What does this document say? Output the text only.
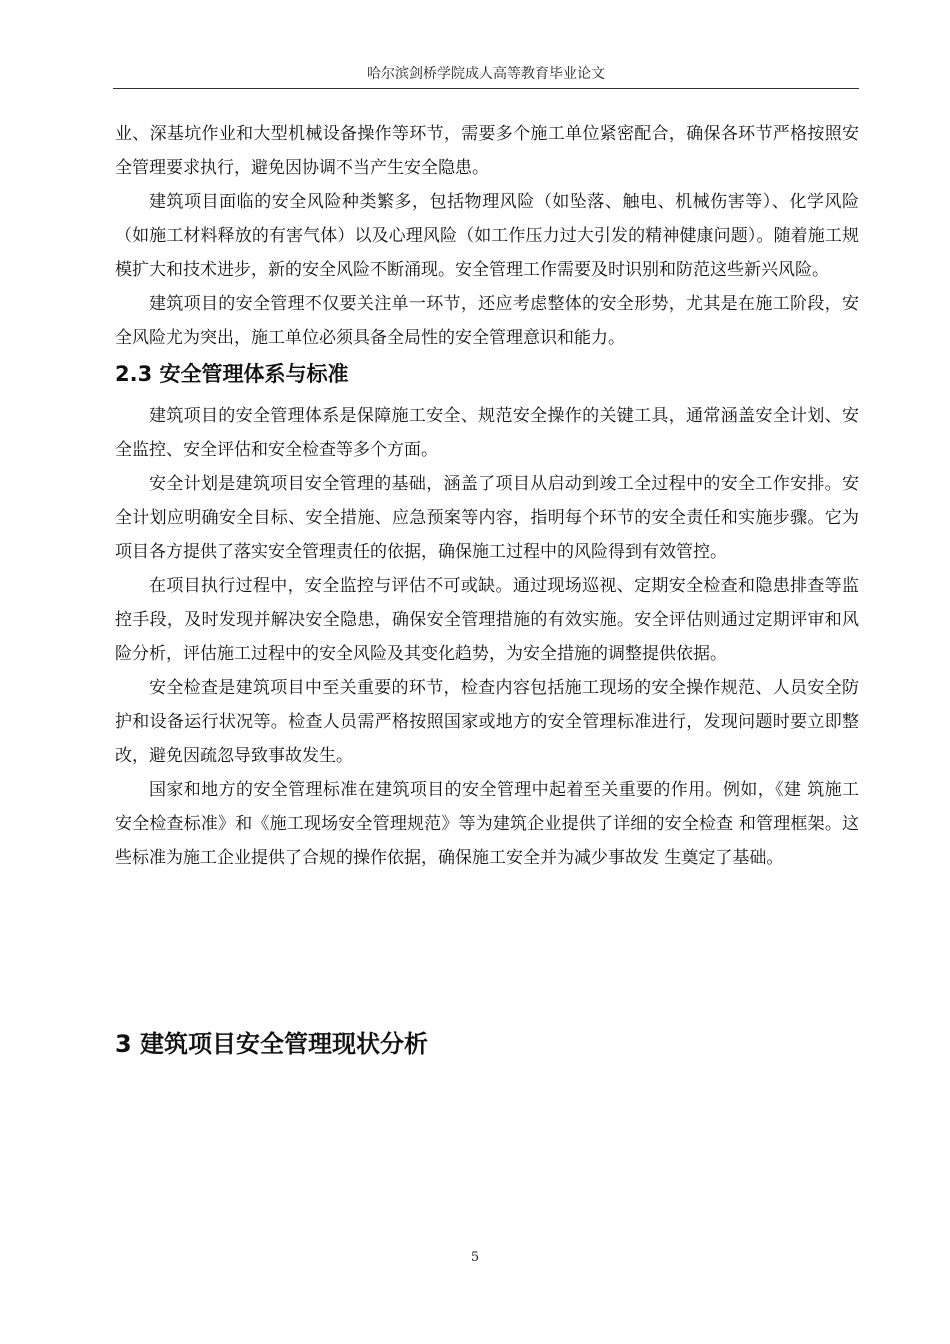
哈尔滨剑桥学院成人高等教育毕业论文

业、深基坑作业和大型机械设备操作等环节，需要多个施工单位紧密配合，确保各环节严格按照安全管理要求执行，避免因协调不当产生安全隐患。

建筑项目面临的安全风险种类繁多，包括物理风险（如坠落、触电、机械伤害等）、化学风险（如施工材料释放的有害气体）以及心理风险（如工作压力过大引发的精神健康问题）。随着施工规模扩大和技术进步，新的安全风险不断涌现。安全管理工作需要及时识别和防范这些新兴风险。

建筑项目的安全管理不仅要关注单一环节，还应考虑整体的安全形势，尤其是在施工阶段，安全风险尤为突出，施工单位必须具备全局性的安全管理意识和能力。

2.3 安全管理体系与标准

建筑项目的安全管理体系是保障施工安全、规范安全操作的关键工具，通常涵盖安全计划、安全监控、安全评估和安全检查等多个方面。

安全计划是建筑项目安全管理的基础，涵盖了项目从启动到竣工全过程中的安全工作安排。安全计划应明确安全目标、安全措施、应急预案等内容，指明每个环节的安全责任和实施步骤。它为项目各方提供了落实安全管理责任的依据，确保施工过程中的风险得到有效管控。

在项目执行过程中，安全监控与评估不可或缺。通过现场巡视、定期安全检查和隐患排查等监控手段，及时发现并解决安全隐患，确保安全管理措施的有效实施。安全评估则通过定期评审和风险分析，评估施工过程中的安全风险及其变化趋势，为安全措施的调整提供依据。

安全检查是建筑项目中至关重要的环节，检查内容包括施工现场的安全操作规范、人员安全防护和设备运行状况等。检查人员需严格按照国家或地方的安全管理标准进行，发现问题时要立即整改，避免因疏忽导致事故发生。

国家和地方的安全管理标准在建筑项目的安全管理中起着至关重要的作用。例如，《建 筑施工安全检查标准》和《施工现场安全管理规范》等为建筑企业提供了详细的安全检查 和管理框架。这些标准为施工企业提供了合规的操作依据，确保施工安全并为减少事故发 生奠定了基础。

3 建筑项目安全管理现状分析
5
